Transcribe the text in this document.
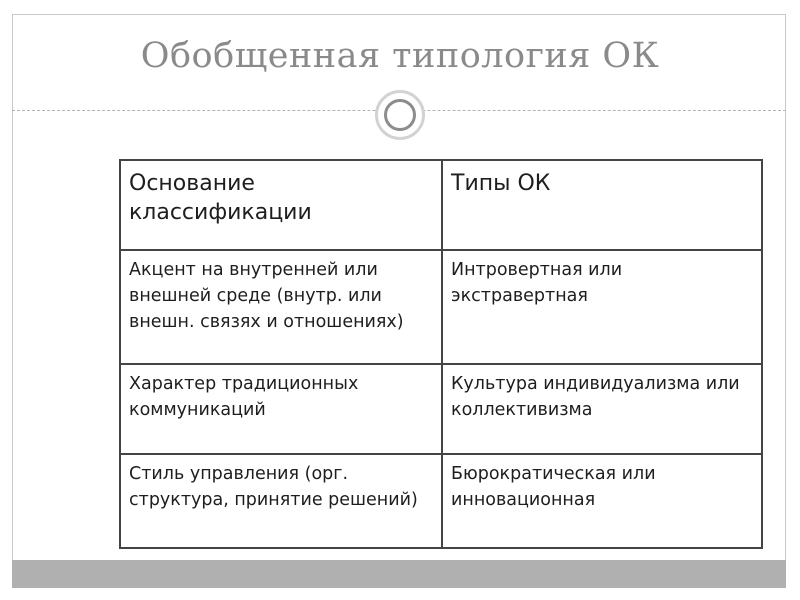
Обобщенная типология ОК
Основание классификации	Типы ОК
Акцент на внутренней или внешней среде (внутр. или внешн. связях и отношениях)	Интровертная или экстравертная
Характер традиционных коммуникаций	Культура индивидуализма или коллективизма
Стиль управления (орг. структура, принятие решений)	Бюрократическая или инновационная
